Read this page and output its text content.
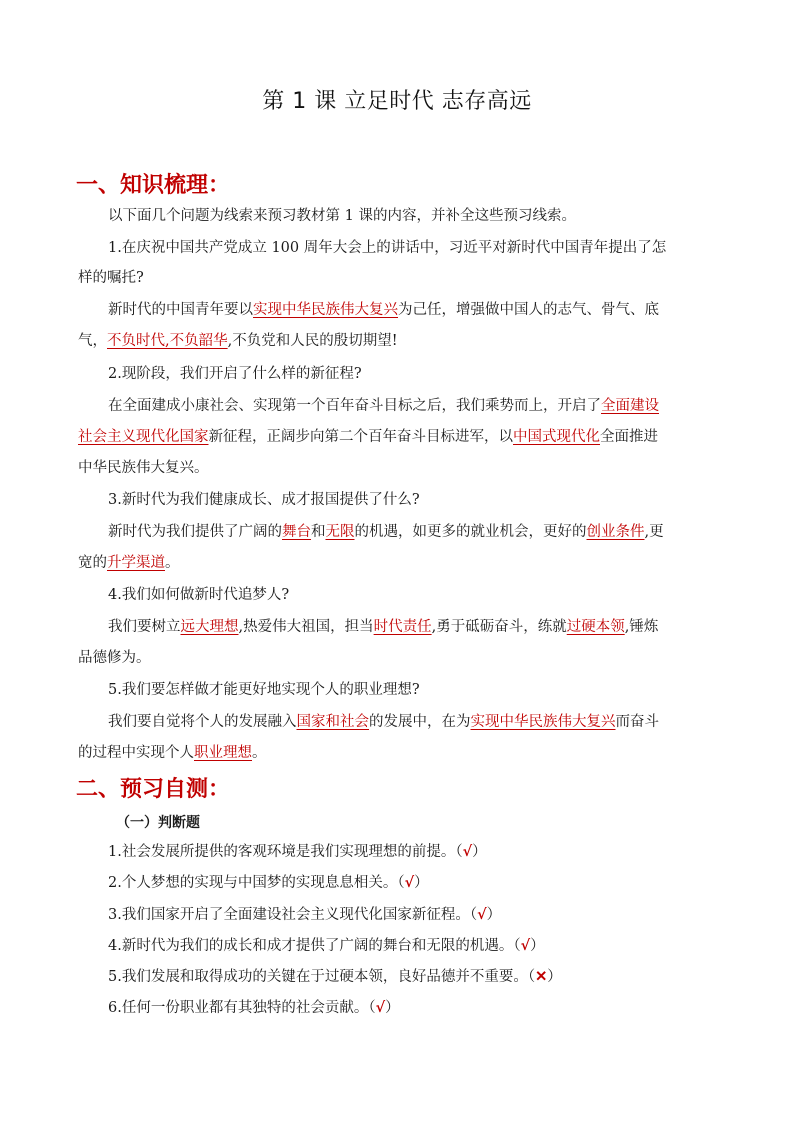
第 1 课 立足时代 志存高远
一、知识梳理：

以下面几个问题为线索来预习教材第 1 课的内容，并补全这些预习线索。

1.在庆祝中国共产党成立 100 周年大会上的讲话中，习近平对新时代中国青年提出了怎

样的嘱托?

新时代的中国青年要以实现中华民族伟大复兴为己任，增强做中国人的志气、骨气、底

气，不负时代,不负韶华,不负党和人民的殷切期望!

2.现阶段，我们开启了什么样的新征程?

在全面建成小康社会、实现第一个百年奋斗目标之后，我们乘势而上，开启了全面建设

社会主义现代化国家新征程，正阔步向第二个百年奋斗目标进军，以中国式现代化全面推进

中华民族伟大复兴。

3.新时代为我们健康成长、成才报国提供了什么?

新时代为我们提供了广阔的舞台和无限的机遇，如更多的就业机会，更好的创业条件,更

宽的升学渠道。

4.我们如何做新时代追梦人?

我们要树立远大理想,热爱伟大祖国，担当时代责任,勇于砥砺奋斗，练就过硬本领,锤炼

品德修为。

5.我们要怎样做才能更好地实现个人的职业理想?

我们要自觉将个人的发展融入国家和社会的发展中，在为实现中华民族伟大复兴而奋斗

的过程中实现个人职业理想。

二、预习自测：

（一）判断题

1.社会发展所提供的客观环境是我们实现理想的前提。（√）

2.个人梦想的实现与中国梦的实现息息相关。（√）

3.我们国家开启了全面建设社会主义现代化国家新征程。（√）

4.新时代为我们的成长和成才提供了广阔的舞台和无限的机遇。（√）

5.我们发展和取得成功的关键在于过硬本领，良好品德并不重要。（✕）

6.任何一份职业都有其独特的社会贡献。（√）
